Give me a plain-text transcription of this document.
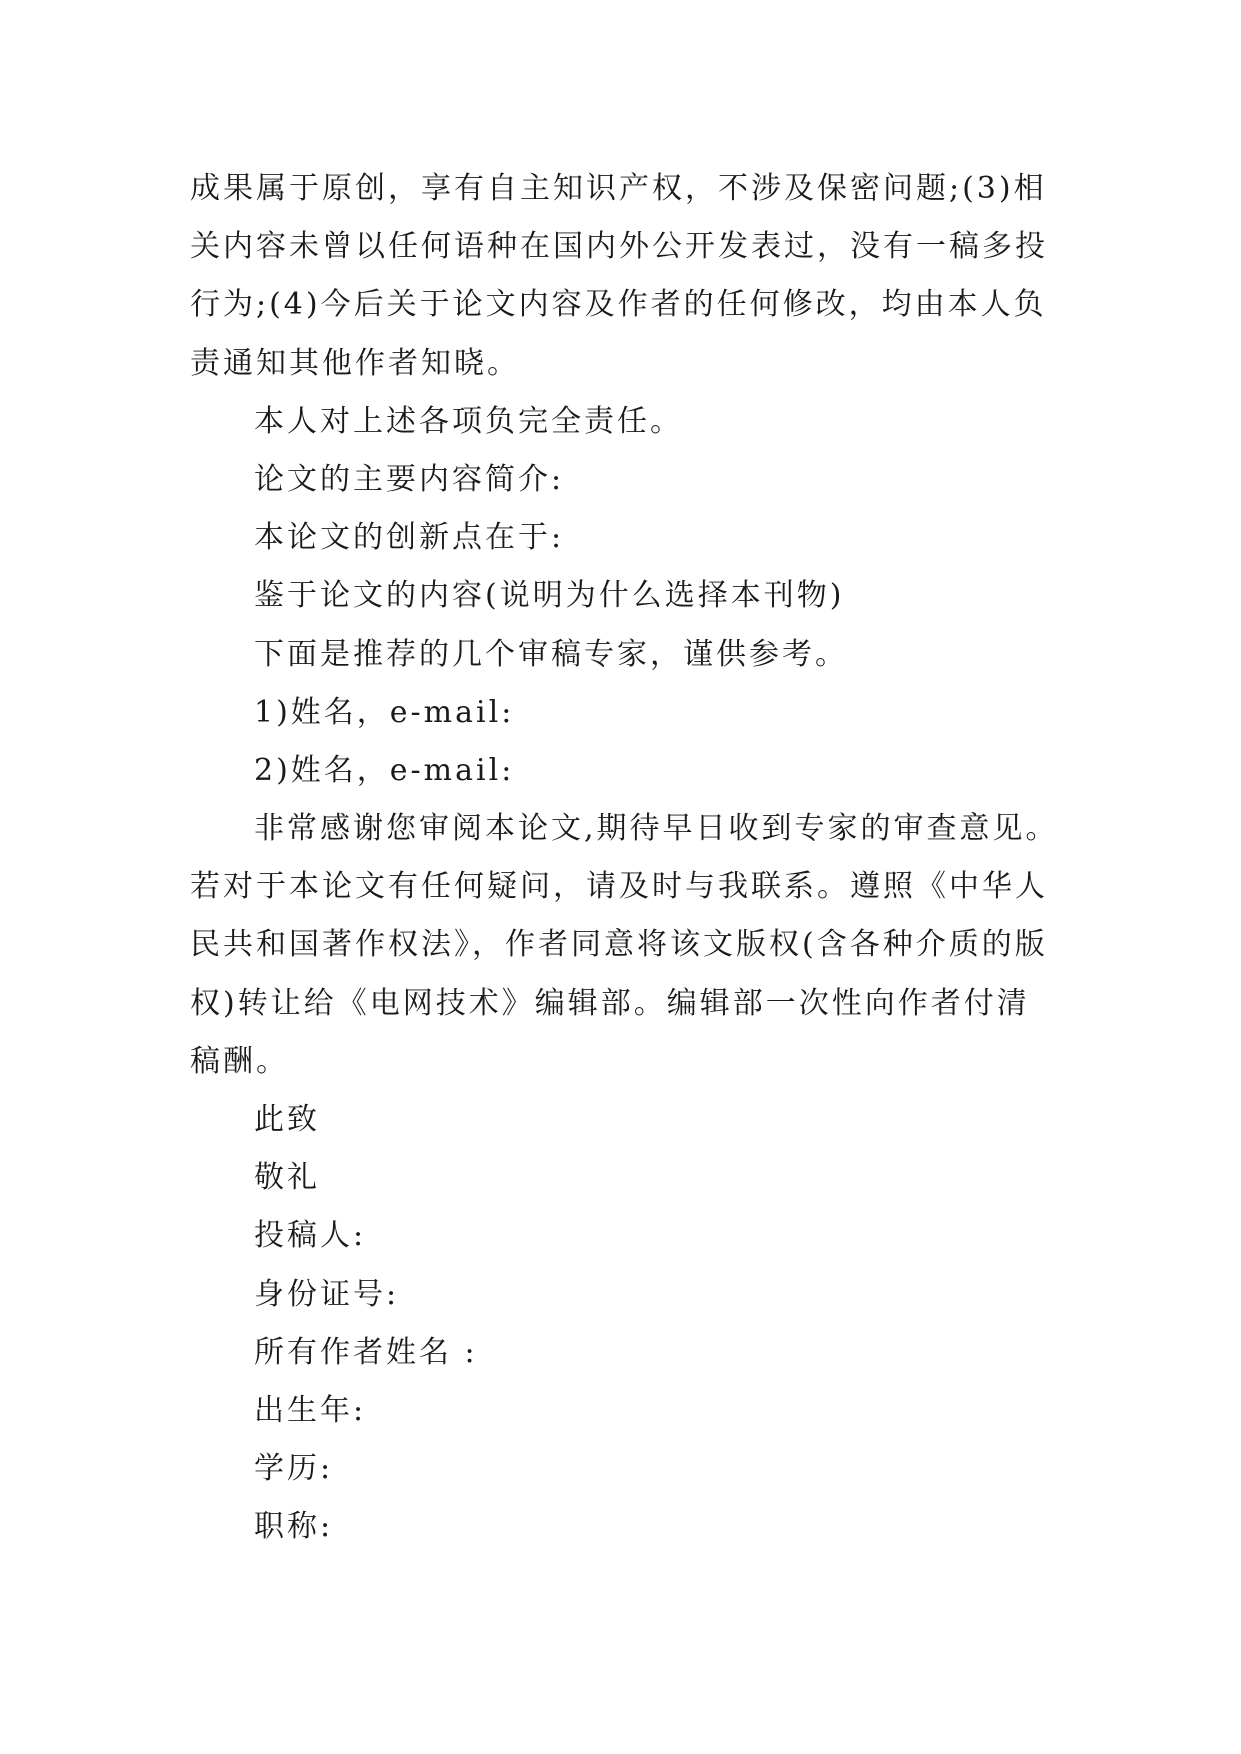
成果属于原创，享有自主知识产权，不涉及保密问题;(3)相
关内容未曾以任何语种在国内外公开发表过，没有一稿多投
行为;(4)今后关于论文内容及作者的任何修改，均由本人负
责通知其他作者知晓。
本人对上述各项负完全责任。
论文的主要内容简介:
本论文的创新点在于:
鉴于论文的内容(说明为什么选择本刊物)
下面是推荐的几个审稿专家，谨供参考。
1)姓名，e-mail:
2)姓名，e-mail:
非常感谢您审阅本论文,期待早日收到专家的审查意见。
若对于本论文有任何疑问，请及时与我联系。遵照《中华人
民共和国著作权法》，作者同意将该文版权(含各种介质的版
权)转让给《电网技术》编辑部。编辑部一次性向作者付清
稿酬。
此致
敬礼
投稿人:
身份证号:
所有作者姓名 :
出生年:
学历:
职称:
